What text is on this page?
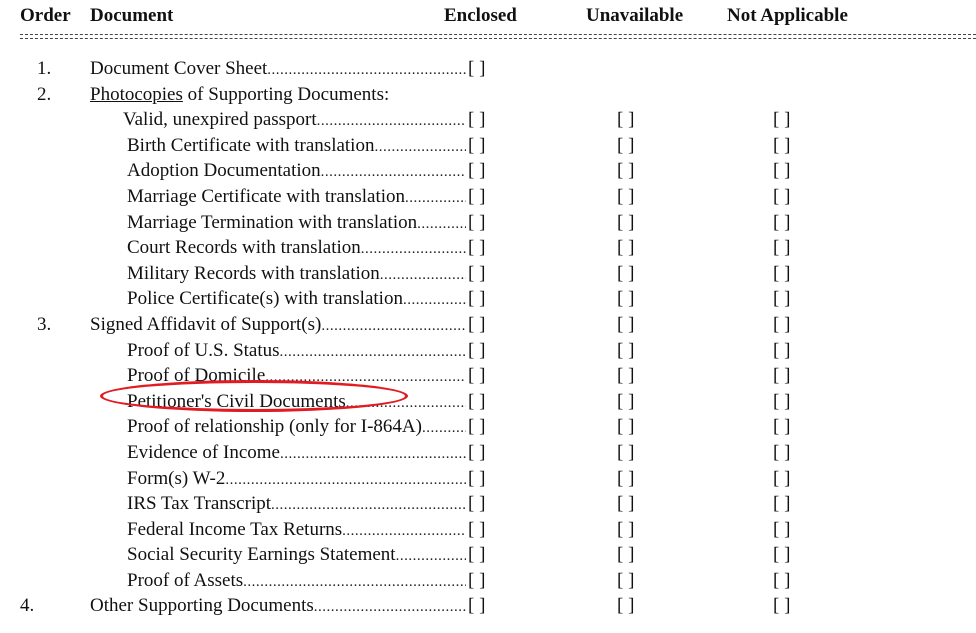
Order Document	Enclosed	Unavailable Not Applicable
1. Document Cover Sheet .....	[ ]
2. Photocopies of Supporting Documents:
Valid, unexpired passport .....	[ ]	[ ]	[ ]
Birth Certificate with translation .....	[ ]	[ ]	[ ]
Adoption Documentation .....	[ ]	[ ]	[ ]
Marriage Certificate with translation .....	[ ]	[ ]	[ ]
Marriage Termination with translation .....	[ ]	[ ]	[ ]
Court Records with translation .....	[ ]	[ ]	[ ]
Military Records with translation .....	[ ]	[ ]	[ ]
Police Certificate(s) with translation .....	[ ]	[ ]	[ ]
3. Signed Affidavit of Support(s) .....	[ ]	[ ]	[ ]
Proof of U.S. Status .....	[ ]	[ ]	[ ]
Proof of Domicile .....	[ ]	[ ]	[ ]
Petitioner's Civil Documents .....	[ ]	[ ]	[ ]
Proof of relationship (only for I-864A) ..... [ ]	[ ]	[ ]
Evidence of Income .....	[ ]	[ ]	[ ]
Form(s) W-2 .....	[ ]	[ ]	[ ]
IRS Tax Transcript .....	[ ]	[ ]	[ ]
Federal Income Tax Returns .....	[ ]	[ ]	[ ]
Social Security Earnings Statement .....	[ ]	[ ]	[ ]
Proof of Assets .....	[ ]	[ ]	[ ]
4.	Other Supporting Documents .....	[ ]	[ ]	[ ]
